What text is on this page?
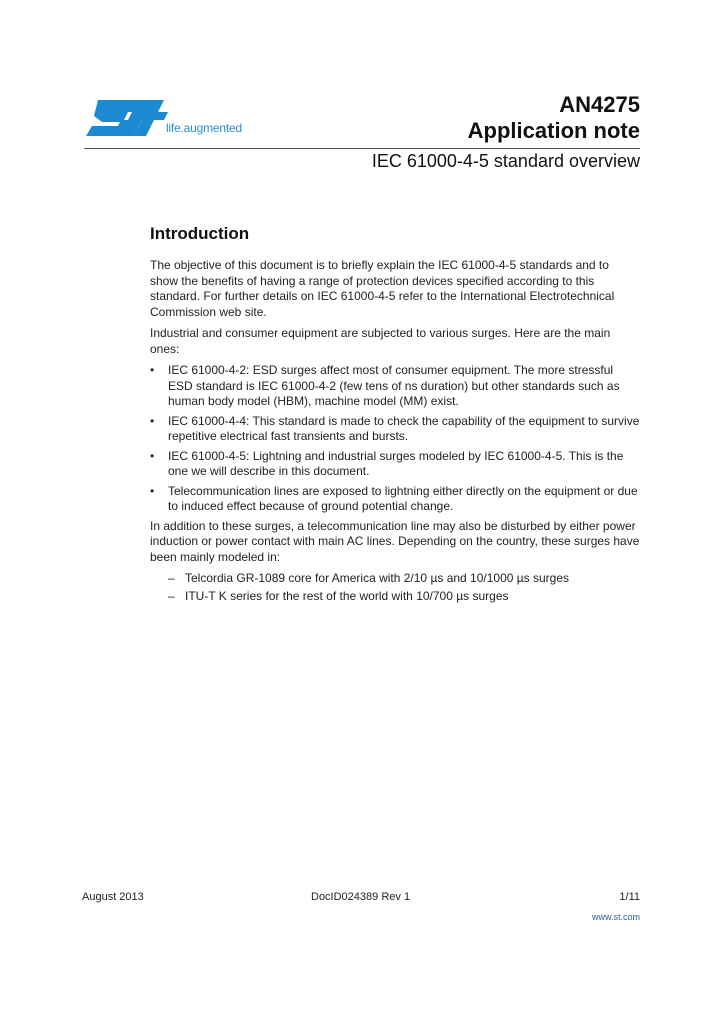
life.augmented
AN4275
Application note
IEC 61000-4-5 standard overview
Introduction

The objective of this document is to briefly explain the IEC 61000-4-5 standards and to show the benefits of having a range of protection devices specified according to this standard. For further details on IEC 61000-4-5 refer to the International Electrotechnical Commission web site.

Industrial and consumer equipment are subjected to various surges. Here are the main ones:

• IEC 61000-4-2: ESD surges affect most of consumer equipment. The more stressful ESD standard is IEC 61000-4-2 (few tens of ns duration) but other standards such as human body model (HBM), machine model (MM) exist.
• IEC 61000-4-4: This standard is made to check the capability of the equipment to survive repetitive electrical fast transients and bursts.
• IEC 61000-4-5: Lightning and industrial surges modeled by IEC 61000-4-5. This is the one we will describe in this document.
• Telecommunication lines are exposed to lightning either directly on the equipment or due to induced effect because of ground potential change.

In addition to these surges, a telecommunication line may also be disturbed by either power induction or power contact with main AC lines. Depending on the country, these surges have been mainly modeled in:

– Telcordia GR-1089 core for America with 2/10 µs and 10/1000 µs surges
– ITU-T K series for the rest of the world with 10/700 µs surges
August 2013	DocID024389 Rev 1	1/11
www.st.com
